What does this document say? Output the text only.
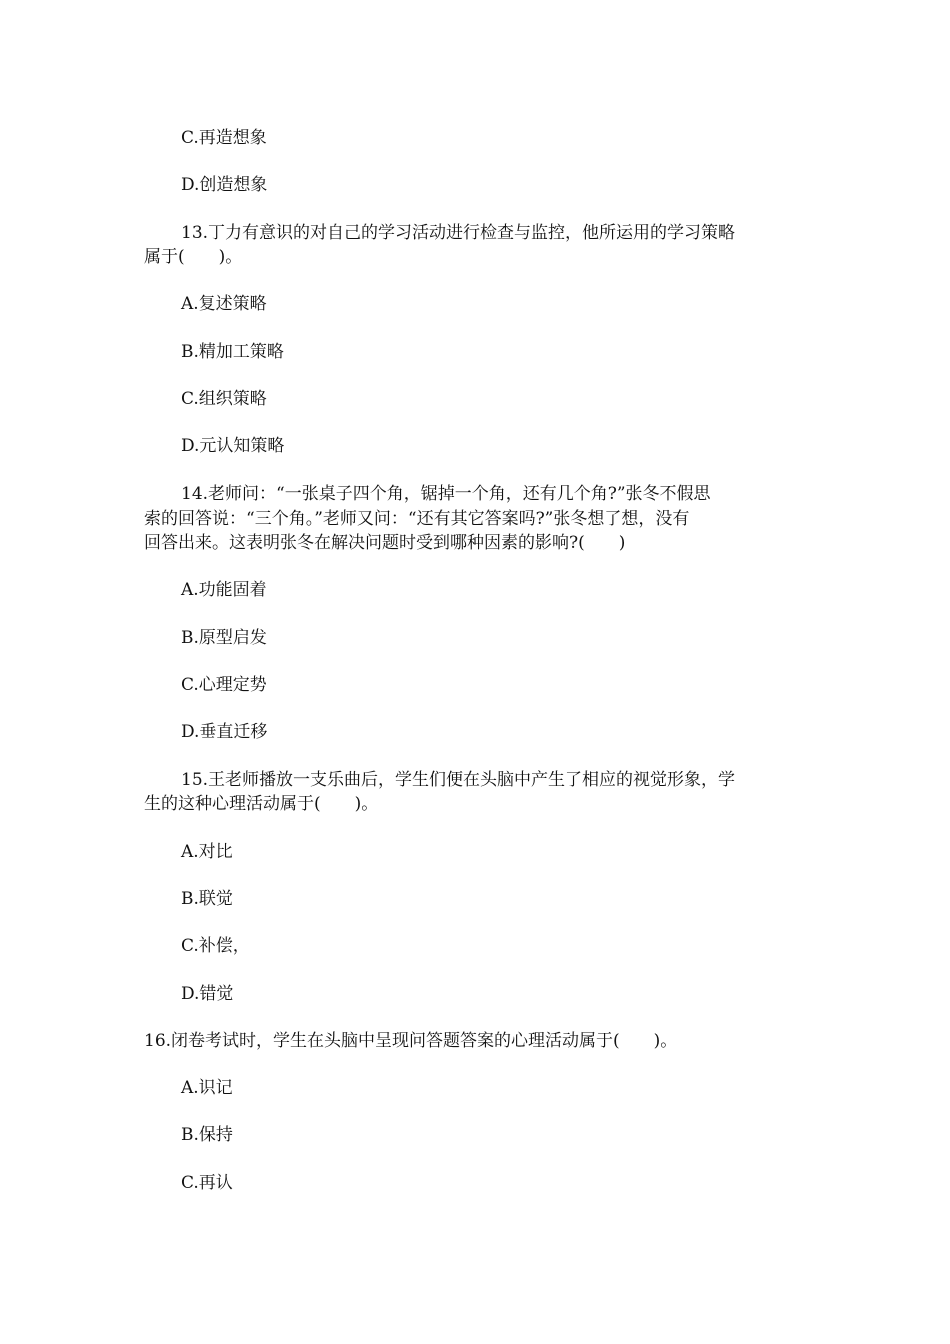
C.再造想象
D.创造想象
13.丁力有意识的对自己的学习活动进行检查与监控，他所运用的学习策略
属于(　　)。
A.复述策略
B.精加工策略
C.组织策略
D.元认知策略
14.老师问：“一张桌子四个角，锯掉一个角，还有几个角?”张冬不假思
索的回答说：“三个角。”老师又问：“还有其它答案吗?”张冬想了想，没有
回答出来。这表明张冬在解决问题时受到哪种因素的影响?(　　)
A.功能固着
B.原型启发
C.心理定势
D.垂直迁移
15.王老师播放一支乐曲后，学生们便在头脑中产生了相应的视觉形象，学
生的这种心理活动属于(　　)。
A.对比
B.联觉
C.补偿，
D.错觉
16.闭卷考试时，学生在头脑中呈现问答题答案的心理活动属于(　　)。
A.识记
B.保持
C.再认
